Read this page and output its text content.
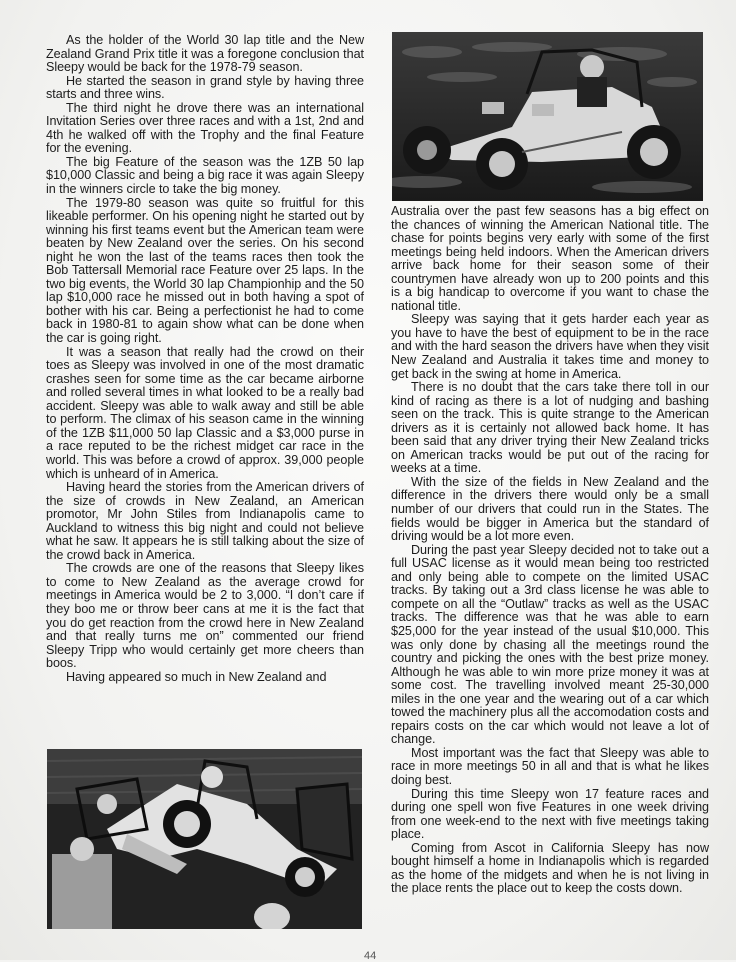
As the holder of the World 30 lap title and the New Zealand Grand Prix title it was a foregone conclusion that Sleepy would be back for the 1978-79 season.

He started the season in grand style by having three starts and three wins.

The third night he drove there was an international Invitation Series over three races and with a 1st, 2nd and 4th he walked off with the Trophy and the final Feature for the evening.

The big Feature of the season was the 1ZB 50 lap $10,000 Classic and being a big race it was again Sleepy in the winners circle to take the big money.

The 1979-80 season was quite so fruitful for this likeable performer. On his opening night he started out by winning his first teams event but the American team were beaten by New Zealand over the series. On his second night he won the last of the teams races then took the Bob Tattersall Memorial race Feature over 25 laps. In the two big events, the World 30 lap Championhip and the 50 lap $10,000 race he missed out in both having a spot of bother with his car. Being a perfectionist he had to come back in 1980-81 to again show what can be done when the car is going right.

It was a season that really had the crowd on their toes as Sleepy was involved in one of the most dramatic crashes seen for some time as the car became airborne and rolled several times in what looked to be a really bad accident. Sleepy was able to walk away and still be able to perform. The climax of his season came in the winning of the 1ZB $11,000 50 lap Classic and a $3,000 purse in a race reputed to be the richest midget car race in the world. This was before a crowd of approx. 39,000 people which is unheard of in America.

Having heard the stories from the American drivers of the size of crowds in New Zealand, an American promotor, Mr John Stiles from Indianapolis came to Auckland to witness this big night and could not believe what he saw. It appears he is still talking about the size of the crowd back in America.

The crowds are one of the reasons that Sleepy likes to come to New Zealand as the average crowd for meetings in America would be 2 to 3,000. “I don’t care if they boo me or throw beer cans at me it is the fact that you do get reaction from the crowd here in New Zealand and that really turns me on” commented our friend Sleepy Tripp who would certainly get more cheers than boos.

Having appeared so much in New Zealand and

Australia over the past few seasons has a big effect on the chances of winning the American National title. The chase for points begins very early with some of the first meetings being held indoors. When the American drivers arrive back home for their season some of their countrymen have already won up to 200 points and this is a big handicap to overcome if you want to chase the national title.

Sleepy was saying that it gets harder each year as you have to have the best of equipment to be in the race and with the hard season the drivers have when they visit New Zealand and Australia it takes time and money to get back in the swing at home in America.

There is no doubt that the cars take there toll in our kind of racing as there is a lot of nudging and bashing seen on the track. This is quite strange to the American drivers as it is certainly not allowed back home. It has been said that any driver trying their New Zealand tricks on American tracks would be put out of the racing for weeks at a time.

With the size of the fields in New Zealand and the difference in the drivers there would only be a small number of our drivers that could run in the States. The fields would be bigger in America but the standard of driving would be a lot more even.

During the past year Sleepy decided not to take out a full USAC license as it would mean being too restricted and only being able to compete on the limited USAC tracks. By taking out a 3rd class license he was able to compete on all the “Outlaw” tracks as well as the USAC tracks. The difference was that he was able to earn $25,000 for the year instead of the usual $10,000. This was only done by chasing all the meetings round the country and picking the ones with the best prize money. Although he was able to win more prize money it was at some cost. The travelling involved meant 25-30,000 miles in the one year and the wearing out of a car which towed the machinery plus all the accomodation costs and repairs costs on the car which would not leave a lot of change.

Most important was the fact that Sleepy was able to race in more meetings 50 in all and that is what he likes doing best.

During this time Sleepy won 17 feature races and during one spell won five Features in one week driving from one week-end to the next with five meetings taking place.

Coming from Ascot in California Sleepy has now bought himself a home in Indianapolis which is regarded as the home of the midgets and when he is not living in the place rents the place out to keep the costs down.

44
